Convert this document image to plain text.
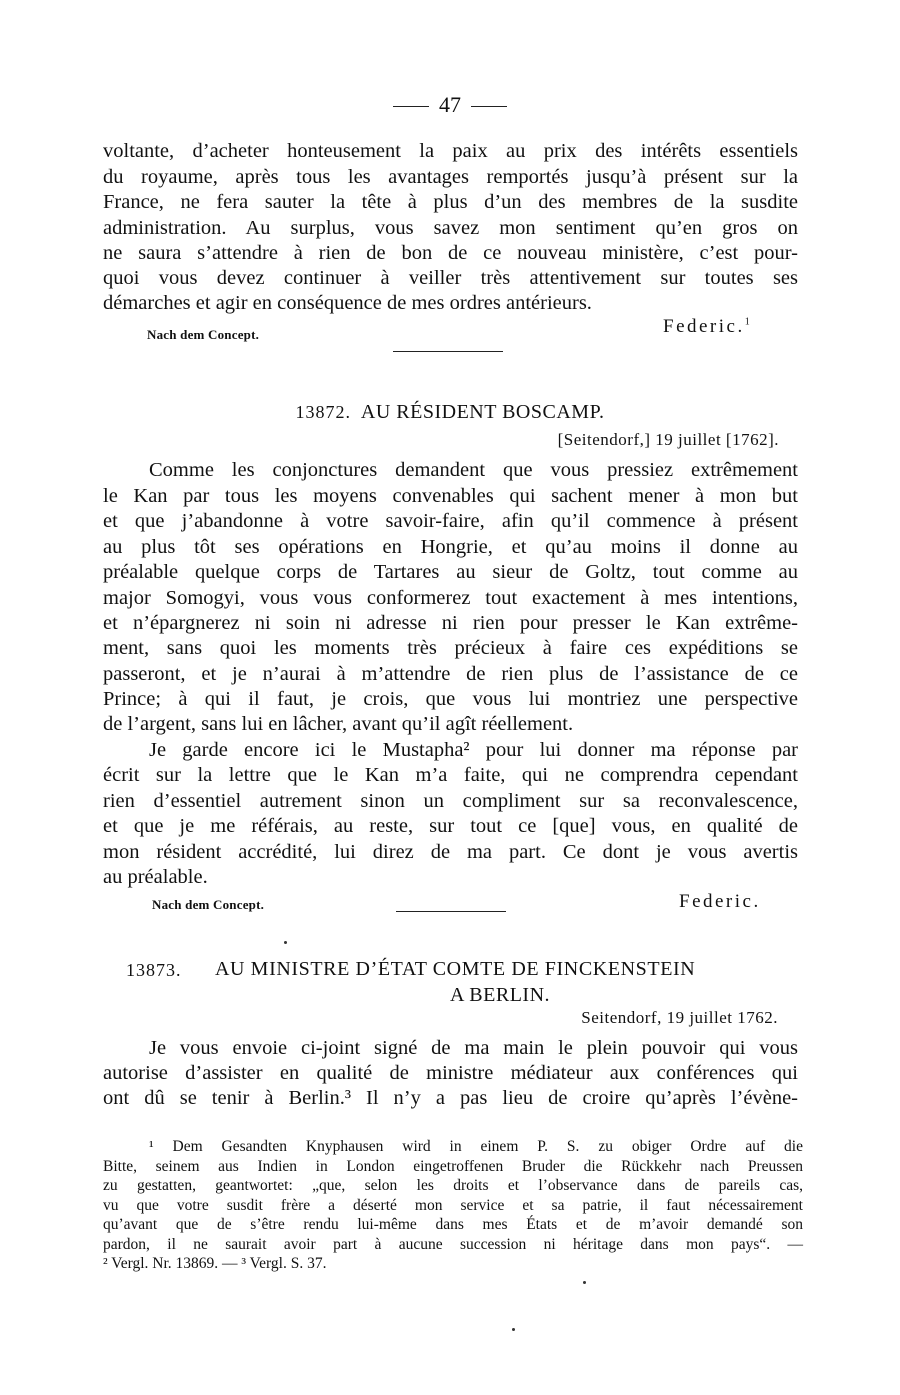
47
voltante, d’acheter honteusement la paix au prix des intérêts essentiels
du royaume, après tous les avantages remportés jusqu’à présent sur la
France, ne fera sauter la tête à plus d’un des membres de la susdite
administration. Au surplus, vous savez mon sentiment qu’en gros on
ne saura s’attendre à rien de bon de ce nouveau ministère, c’est pour-
quoi vous devez continuer à veiller très attentivement sur toutes ses
démarches et agir en conséquence de mes ordres antérieurs.
Nach dem Concept.	Federic.$^1$
13872. AU RÉSIDENT BOSCAMP.
[Seitendorf,] 19 juillet [1762].
Comme les conjonctures demandent que vous pressiez extrêmement
le Kan par tous les moyens convenables qui sachent mener à mon but
et que j’abandonne à votre savoir-faire, afin qu’il commence à présent
au plus tôt ses opérations en Hongrie, et qu’au moins il donne au
préalable quelque corps de Tartares au sieur de Goltz, tout comme au
major Somogyi, vous vous conformerez tout exactement à mes intentions,
et n’épargnerez ni soin ni adresse ni rien pour presser le Kan extrême-
ment, sans quoi les moments très précieux à faire ces expéditions se
passeront, et je n’aurai à m’attendre de rien plus de l’assistance de ce
Prince; à qui il faut, je crois, que vous lui montriez une perspective
de l’argent, sans lui en lâcher, avant qu’il agît réellement.
Je garde encore ici le Mustapha² pour lui donner ma réponse par
écrit sur la lettre que le Kan m’a faite, qui ne comprendra cependant
rien d’essentiel autrement sinon un compliment sur sa reconvalescence,
et que je me référais, au reste, sur tout ce [que] vous, en qualité de
mon résident accrédité, lui direz de ma part. Ce dont je vous avertis
au préalable.
Nach dem Concept.	Federic.
13873. AU MINISTRE D’ÉTAT COMTE DE FINCKENSTEIN
A BERLIN.
Seitendorf, 19 juillet 1762.
Je vous envoie ci-joint signé de ma main le plein pouvoir qui vous
autorise d’assister en qualité de ministre médiateur aux conférences qui
ont dû se tenir à Berlin.³ Il n’y a pas lieu de croire qu’après l’évène-
¹ Dem Gesandten Knyphausen wird in einem P. S. zu obiger Ordre auf die
Bitte, seinem aus Indien in London eingetroffenen Bruder die Rückkehr nach Preussen
zu gestatten, geantwortet: „que, selon les droits et l’observance dans de pareils cas,
vu que votre susdit frère a déserté mon service et sa patrie, il faut nécessairement
qu’avant que de s’être rendu lui-même dans mes États et de m’avoir demandé son
pardon, il ne saurait avoir part à aucune succession ni héritage dans mon pays“. —
² Vergl. Nr. 13869. — ³ Vergl. S. 37.
